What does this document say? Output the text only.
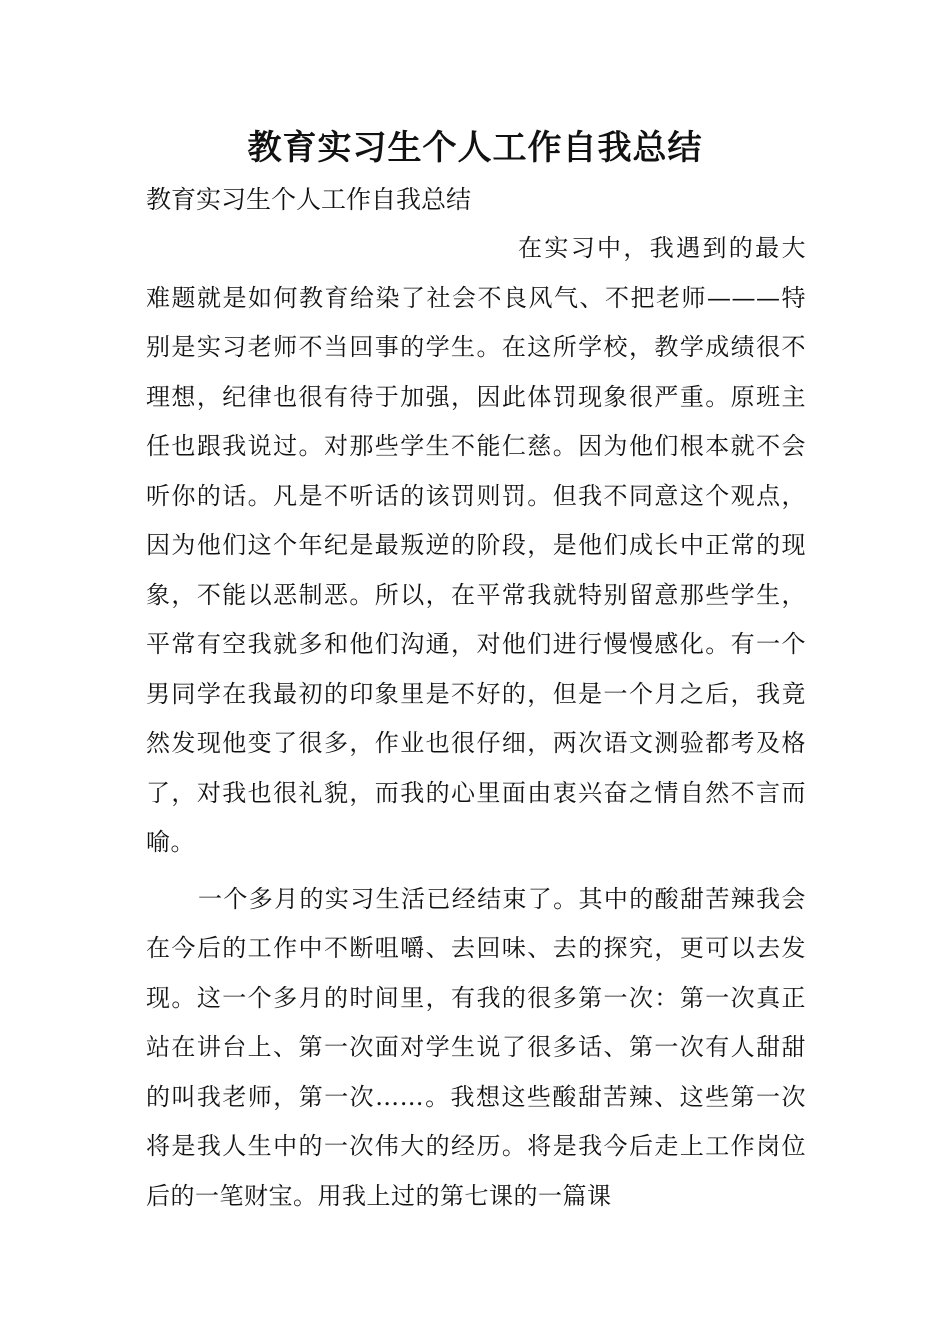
教育实习生个人工作自我总结

教育实习生个人工作自我总结

在实习中，我遇到的最大难题就是如何教育给染了社会不良风气、不把老师———特别是实习老师不当回事的学生。在这所学校，教学成绩很不理想，纪律也很有待于加强，因此体罚现象很严重。原班主任也跟我说过。对那些学生不能仁慈。因为他们根本就不会听你的话。凡是不听话的该罚则罚。但我不同意这个观点，因为他们这个年纪是最叛逆的阶段，是他们成长中正常的现象，不能以恶制恶。所以，在平常我就特别留意那些学生，平常有空我就多和他们沟通，对他们进行慢慢感化。有一个男同学在我最初的印象里是不好的，但是一个月之后，我竟然发现他变了很多，作业也很仔细，两次语文测验都考及格了，对我也很礼貌，而我的心里面由衷兴奋之情自然不言而喻。

一个多月的实习生活已经结束了。其中的酸甜苦辣我会在今后的工作中不断咀嚼、去回味、去的探究，更可以去发现。这一个多月的时间里，有我的很多第一次：第一次真正站在讲台上、第一次面对学生说了很多话、第一次有人甜甜的叫我老师，第一次……。我想这些酸甜苦辣、这些第一次将是我人生中的一次伟大的经历。将是我今后走上工作岗位后的一笔财宝。用我上过的第七课的一篇课
